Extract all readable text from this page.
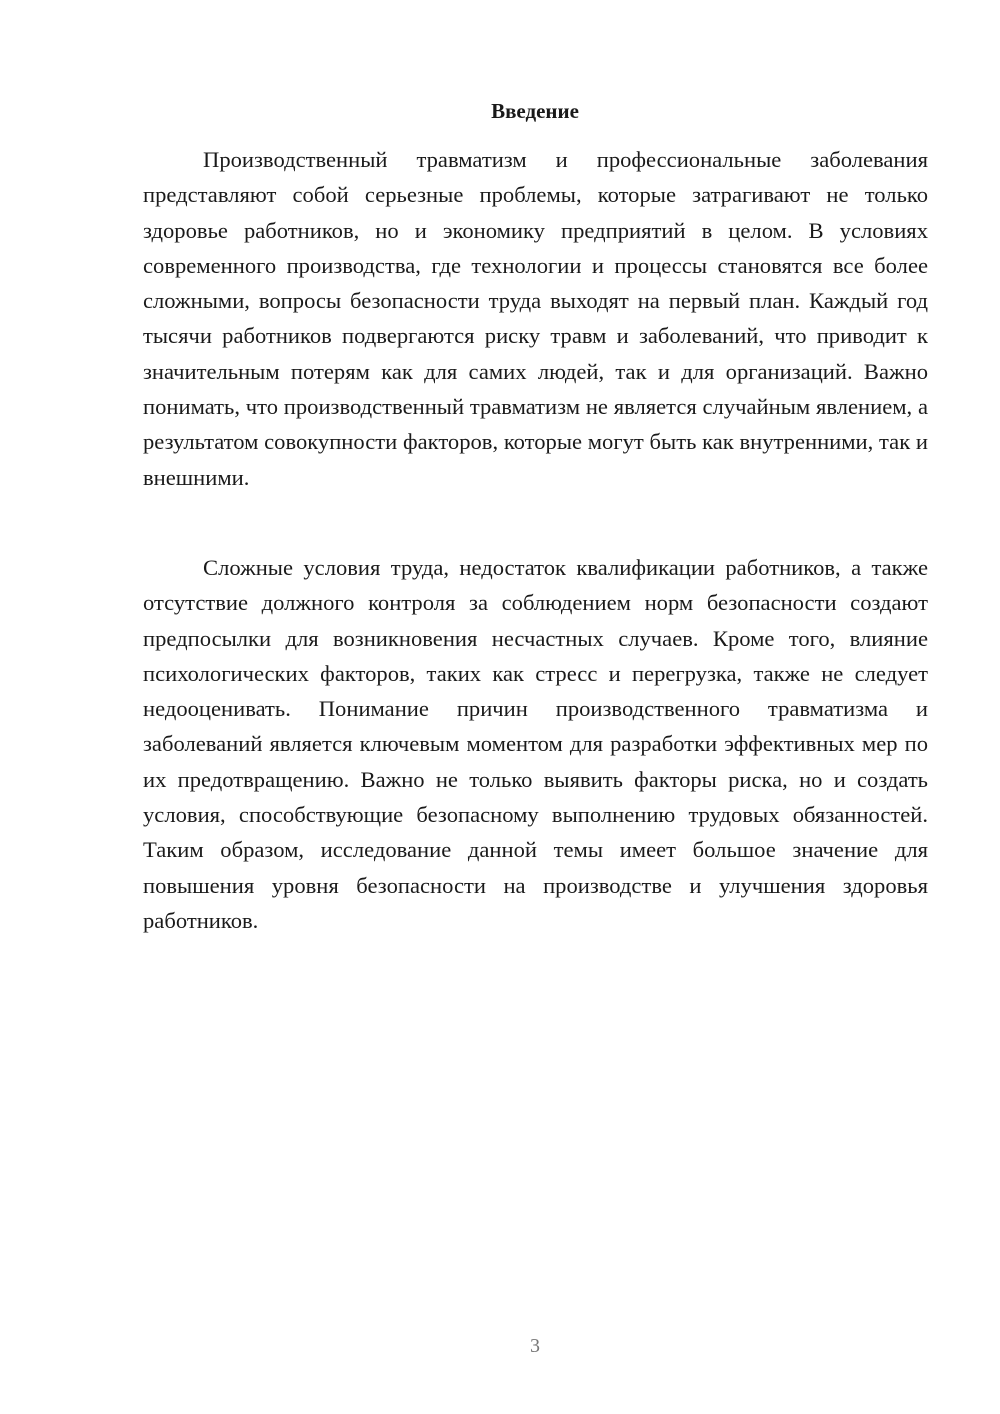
Введение

Производственный травматизм и профессиональные заболевания представляют собой серьезные проблемы, которые затрагивают не только здоровье работников, но и экономику предприятий в целом. В условиях современного производства, где технологии и процессы становятся все более сложными, вопросы безопасности труда выходят на первый план. Каждый год тысячи работников подвергаются риску травм и заболеваний, что приводит к значительным потерям как для самих людей, так и для организаций. Важно понимать, что производственный травматизм не является случайным явлением, а результатом совокупности факторов, которые могут быть как внутренними, так и внешними.

Сложные условия труда, недостаток квалификации работников, а также отсутствие должного контроля за соблюдением норм безопасности создают предпосылки для возникновения несчастных случаев. Кроме того, влияние психологических факторов, таких как стресс и перегрузка, также не следует недооценивать. Понимание причин производственного травматизма и заболеваний является ключевым моментом для разработки эффективных мер по их предотвращению. Важно не только выявить факторы риска, но и создать условия, способствующие безопасному выполнению трудовых обязанностей. Таким образом, исследование данной темы имеет большое значение для повышения уровня безопасности на производстве и улучшения здоровья работников.

3
